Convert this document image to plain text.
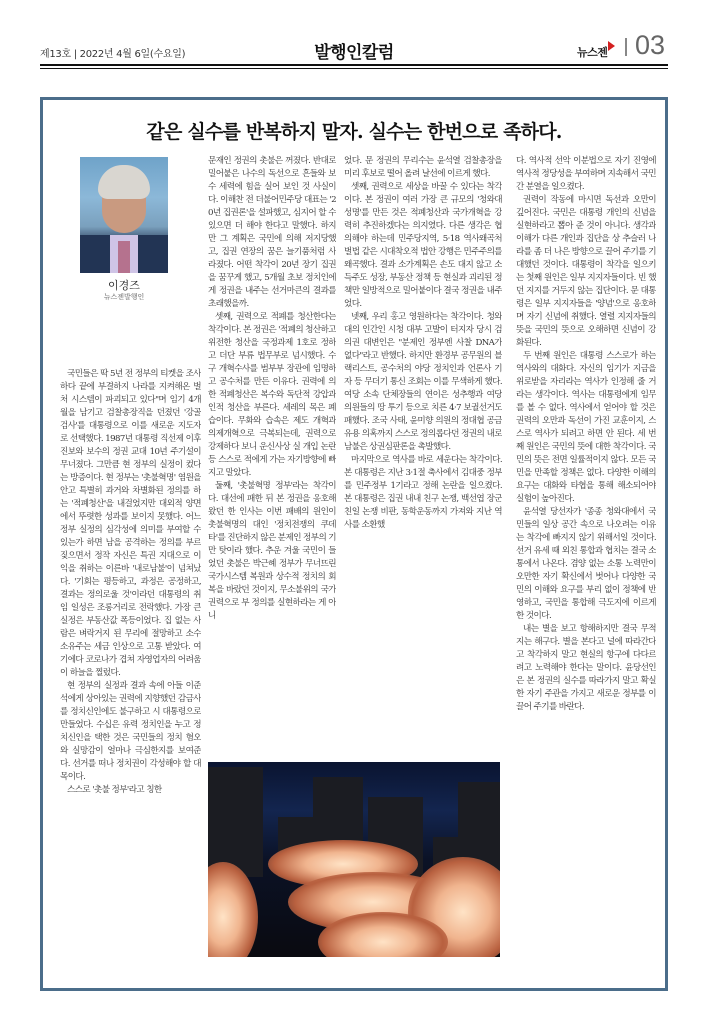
제13호 | 2022년 4월 6일(수요일)	발행인칼럼	뉴스젠 03
같은 실수를 반복하지 말자. 실수는 한번으로 족하다.
이경즈
뉴스젠발행인

국민들은 딱 5년 전 정부의 티켓을 조사하다 끝에 부결하지 나라를 지켜해온 벌처 시스템이 파괴되고 있다"며 임기 4개월을 남기고 검찰총장직을 던졌던 '강골검사'를 대통령으로 이를 새로운 지도자로 선택했다. 1987년 대통령 직선제 이후 진보와 보수의 정권 교대 10년 주기설이 무너졌다. 그만큼 현 정부의 실정이 컸다는 방증이다. 현 정부는 '촛불혁명' 염원을 안고 특별히 과거와 차별화된 정의를 하는 '적폐청산'을 내걸었지만 대외적 양면에서 뚜렷한 성과를 보이지 못했다. 어느 정부 실정의 심각성에 의미를 부여할 수 있는가 하면 남을 공격하는 정의를 부르짖으면서 정작 자신은 특권 지대으로 이익을 취하는 이른바 '내로남불'이 넘쳐났다. '기회는 평등하고, 과정은 공정하고, 결과는 정의로울 것'이라던 대통령의 취임 일성은 조롱거리로 전락했다. 가장 큰 실정은 부동산값 폭등이었다. 집 없는 사람은 벼락거지 된 무리에 절망하고 소수 소유주는 세금 인상으로 고통 받았다. 여기에다 코로나가 겹쳐 자영업자의 어려움이 하늘을 찔렀다.

현 정부의 실정과 결과 속에 아들 이준석에게 상아있는 권력에 지향했던 감금사를 정치신인에도 불구하고 시 대통령으로 만들었다. 수십은 유력 정치인을 누고 정치신인을 택한 것은 국민들의 정치 혐오와 실망감이 얼마나 극심한지를 보여준다. 선거를 떠나 정치권이 각성해야 할 대목이다.

스스로 '촛불 정부'라고 칭한

문재인 정권의 촛불은 꺼졌다. 반대로 밀어붙은 나수의 독선으로 흔들와 보수 세력에 힘을 실어 보인 것 사실이다. 이해찬 전 더불어민주당 대표는 '20년 집권론'을 설파했고, 심지어 할 수 있으면 더 해야 한다고 말했다. 하지만 그 계획은 국민에 의해 저지당했고, 집권 연장의 꿈은 늘기품처럼 사라졌다. 어떤 착각이 20년 장기 집권을 꿈꾸게 했고, 5개월 초보 정치인에게 정권을 내주는 선거마큰의 결과를 초래했을까.

셋째, 권력으로 적폐를 청산한다는 착각이다. 본 정권은 '적폐의 청산하고 위전한 청산을 국정과제 1호로 정하고 더단 부류 법무부로 넘시했다. 수구 개혁수사를 범부부 장관에 임명하고 공수처를 만든 이유다. 권력에 의한 적폐청산은 복수와 독단적 강압과 인적 청산을 부른다. 세레의 목은 폐습이다. 무화와 습속은 제도 개혁과 의제개혁으로 극복되는데, 권력으로 강제하다 보니 운신사상 실 개입 논란 등 스스로 적에게 가는 자기방향에 빠지고 말았다.

둘째, '촛불혁명 정부'라는 착각이다. 대선에 패한 뒤 본 정권을 옹호해 왔던 한 인사는 이번 패배의 원인이 촛불혁명의 대인 '정치전쟁의 쿠데타'를 진단하지 않은 분제인 정부의 기만 탓이라 했다. 추운 겨울 국민이 들었던 촛불은 박근혜 정부가 무너뜨린 국가시스템 복원과 상수적 정치의 회복을 바랐던 것이지, 무소불위의 국가 권력으로 부 정의를 실현하라는 게 아니

었다. 문 정권의 무리수는 윤석열 검찰총장을 미리 후보로 떨어 올려 날선에 이르게 했다.

셋째, 권력으로 세상을 바꿀 수 있다는 착각이다. 본 정권이 여러 가장 큰 규모의 '청와대 성명'를 만든 것은 적폐청산과 국가개혁을 강력히 추진하겠다는 의지였다. 다른 생각은 협의해야 하는데 민주당지역, 5·18 역사왜곡처벌법 같은 시대착오적 법안 강행은 민주주의를 왜곡했다. 결과 소가계획은 손도 대지 않고 소득주도 성장, 부동산 정책 등 현실과 괴리된 정책만 일방적으로 밀어붙이다 결국 정권을 내주었다.

넷째, 우리 홍고 영원하다는 착각이다. 청와대의 인간인 시청 대부 고발이 터지자 당시 검의권 대변인은 "분제인 정부엔 사찰 DNA가 없다"라고 반했다. 하지만 환경부 공무원의 블랙리스트, 공수처의 야당 정치인과 언론사 기자 등 무더기 통신 조회는 이를 무색하게 했다. 여당 소속 단체장들의 연이은 성추행과 여당 의원들의 땅 투기 등으로 치른 4·7 보궐선거도 패했다. 조국 사태, 윤미향 의원의 정대협 공금 유용 의혹까지 스스로 정의롭다던 정권의 내로남불은 상권심판론을 촉발했다.

마지막으로 역사를 바로 세운다는 착각이다. 본 대통령은 지난 3·1절 축사에서 김대중 정부를 민주정부 1기라고 정해 논란을 일으켰다. 본 대통령은 집권 내내 친구 논쟁, 백선엽 장군 친일 논쟁 비판, 동학운동까지 가져와 지난 역사를 소환했

다. 역사적 선악 이분법으로 자기 진영에 역사적 정당성을 부여하며 지속해서 국민 간 분열을 일으켰다.

권력이 작동에 마시면 독선과 오만이 깊어진다. 국민은 대통령 개인의 신념을 실현하라고 뽑아 준 것이 아니다. 생각과 이해가 다른 개인과 집단을 상 추슬러 나라를 좀 더 나은 방향으로 끌어 주기를 기대했던 것이다. 대통령이 착각을 일으키는 첫째 원인은 일부 지지자들이다. 빈 했던 지지를 거두지 않는 집단이다. 문 대통령은 일부 지지자들을 '양념'으로 옹호하며 자기 신념에 취했다. 열렬 지지자들의 뜻을 국민의 뜻으로 오해하면 신념이 강화된다.

두 번째 원인은 대통령 스스로가 하는 역사와의 대화다. 자신의 임기가 지금을 위로받을 자리라는 역사가 인정해 줄 거라는 생각이다. 역사는 대통령에게 임무를 볼 수 없다. 역사에서 얻어야 할 것은 권력의 오만과 독선이 가진 교훈이지, 스스로 역사가 되려고 하면 안 된다. 세 번째 원인은 국민의 뜻에 대한 착각이다. 국민의 뜻은 전면 일률적이지 않다. 모든 국민을 만족할 정책은 없다. 다양한 이해의 요구는 대화와 타협을 통해 해소되어야 실험이 높아진다.

윤석열 당선자가 '종종 청와대에서 국민들의 일상 공간 속으로 나오려는 이유는 착각에 빠지지 않기 위해서일 것이다. 선거 유세 때 외친 통합과 협치는 결국 소통에서 나온다. 겸양 없는 소통 노력만이 오만한 자기 확신에서 벗어나 다양한 국민의 이해와 요구를 부리 없이 정책에 반영하고, 국민을 통합해 극도지에 이르게 한 것이다.

내는 별을 보고 항해하지만 결국 무적지는 해구다. 별을 본다고 널에 따라간다고 착각하지 말고 현실의 항구에 다다르려고 노력해야 한다는 말이다. 윤당선인은 본 정권의 실수를 따라가지 말고 확실한 자기 주관을 가지고 새로운 정부를 이끌어 주기를 바란다.
